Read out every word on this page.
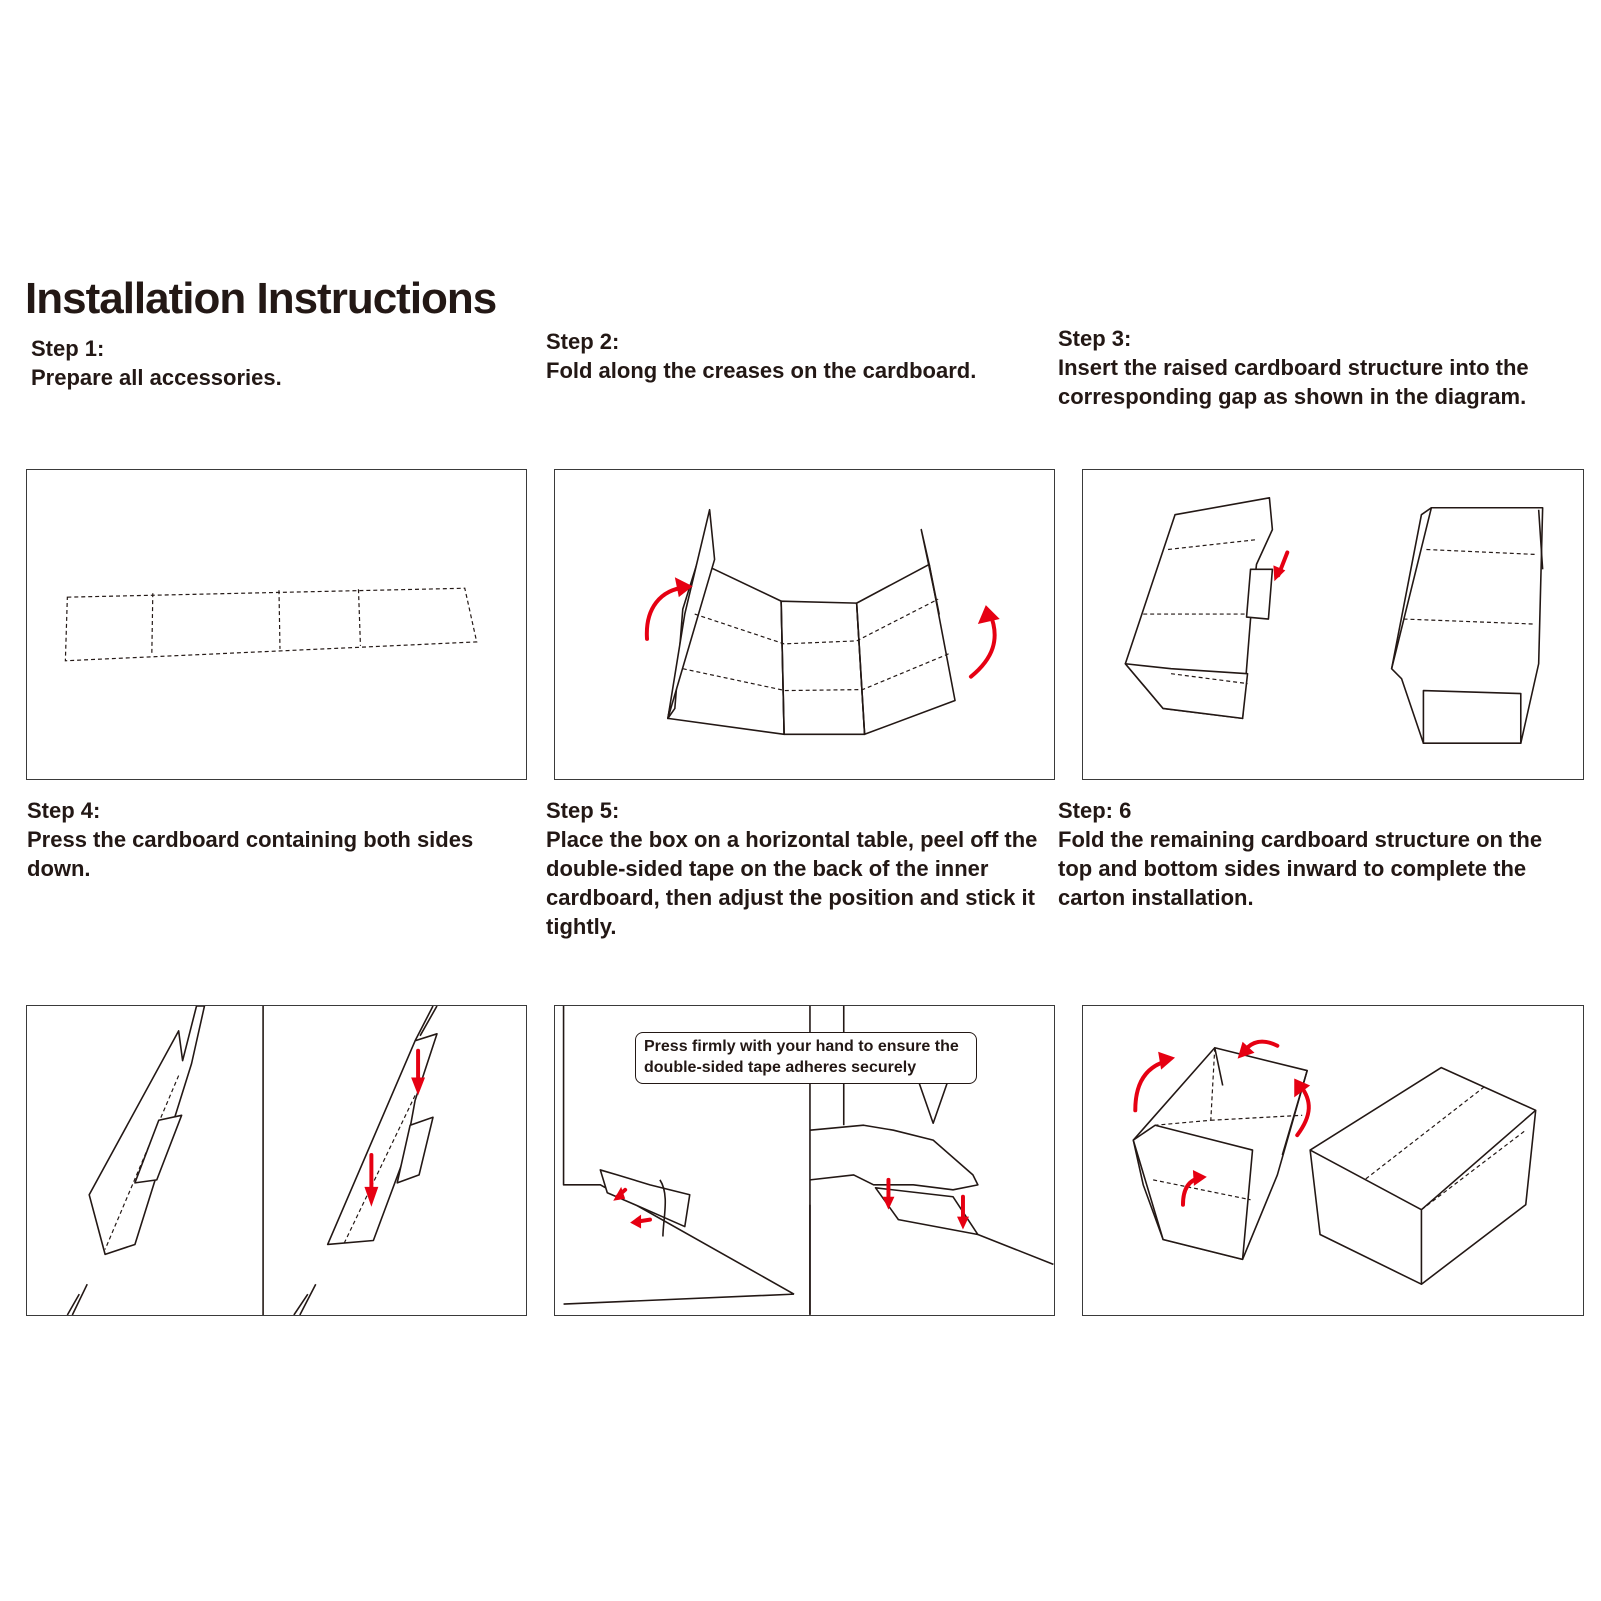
Installation Instructions
Step 1:
Prepare all accessories.
Step 2:
Fold along the creases on the cardboard.
Step 3:
Insert the raised cardboard structure into the corresponding gap as shown in the diagram.
Step 4:
Press the cardboard containing both sides down.
Step 5:
Place the box on a horizontal table, peel off the double-sided tape on the back of the inner cardboard, then adjust the position and stick it tightly.
Step: 6
Fold the remaining cardboard structure on the top and bottom sides inward to complete the carton installation.
Press firmly with your hand to ensure the
double-sided tape adheres securely
